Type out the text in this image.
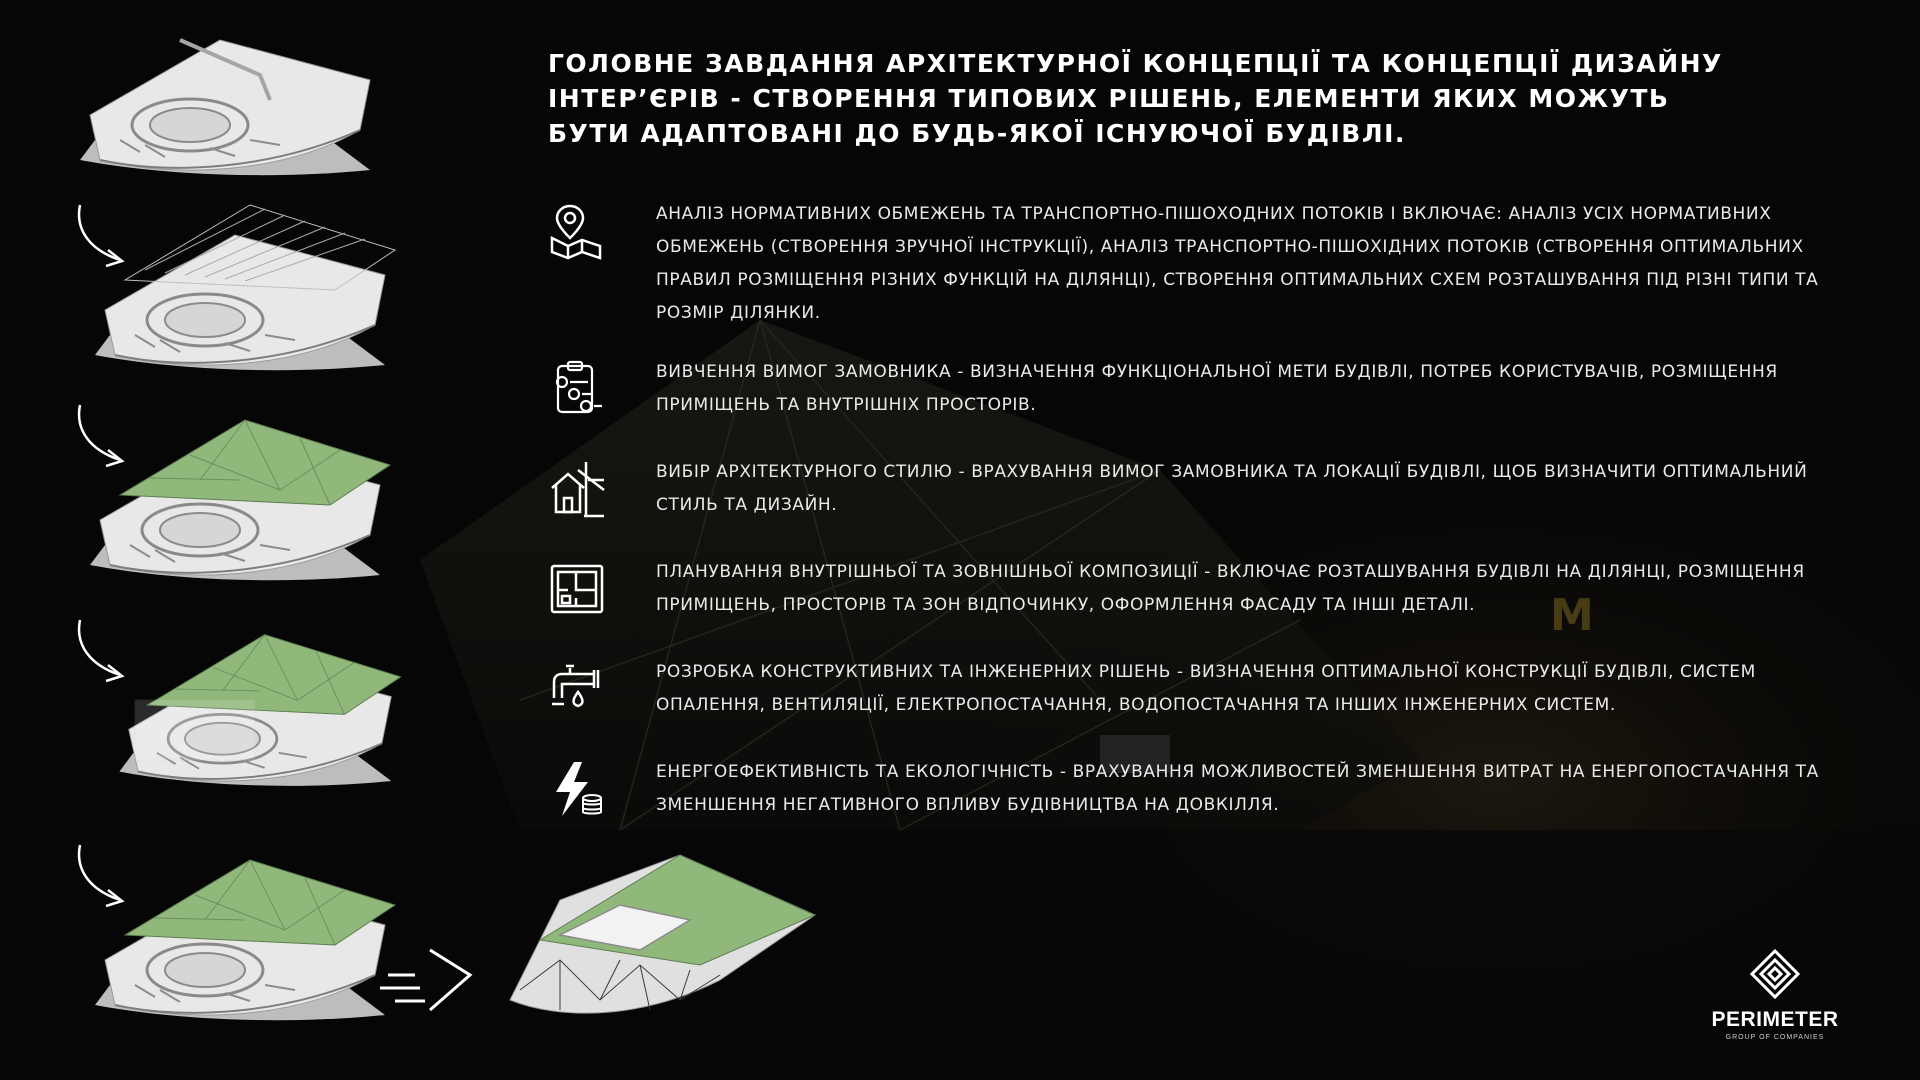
M
ГОЛОВНЕ ЗАВДАННЯ АРХІТЕКТУРНОЇ КОНЦЕПЦІЇ ТА КОНЦЕПЦІЇ ДИЗАЙНУ
ІНТЕР’ЄРІВ - СТВОРЕННЯ ТИПОВИХ РІШЕНЬ, ЕЛЕМЕНТИ ЯКИХ МОЖУТЬ
БУТИ АДАПТОВАНІ ДО БУДЬ-ЯКОЇ ІСНУЮЧОЇ БУДІВЛІ.

АНАЛІЗ НОРМАТИВНИХ ОБМЕЖЕНЬ ТА ТРАНСПОРТНО-ПІШОХОДНИХ ПОТОКІВ І ВКЛЮЧАЄ: АНАЛІЗ УСІХ НОРМАТИВНИХ ОБМЕЖЕНЬ (СТВОРЕННЯ ЗРУЧНОЇ ІНСТРУКЦІЇ), АНАЛІЗ ТРАНСПОРТНО-ПІШОХІДНИХ ПОТОКІВ (СТВОРЕННЯ ОПТИМАЛЬНИХ ПРАВИЛ РОЗМІЩЕННЯ РІЗНИХ ФУНКЦІЙ НА ДІЛЯНЦІ), СТВОРЕННЯ ОПТИМАЛЬНИХ СХЕМ РОЗТАШУВАННЯ ПІД РІЗНІ ТИПИ ТА РОЗМІР ДІЛЯНКИ.

ВИВЧЕННЯ ВИМОГ ЗАМОВНИКА - ВИЗНАЧЕННЯ ФУНКЦІОНАЛЬНОЇ МЕТИ БУДІВЛІ, ПОТРЕБ КОРИСТУВАЧІВ, РОЗМІЩЕННЯ ПРИМІЩЕНЬ ТА ВНУТРІШНІХ ПРОСТОРІВ.

ВИБІР АРХІТЕКТУРНОГО СТИЛЮ - ВРАХУВАННЯ ВИМОГ ЗАМОВНИКА ТА ЛОКАЦІЇ БУДІВЛІ, ЩОБ ВИЗНАЧИТИ ОПТИМАЛЬНИЙ СТИЛЬ ТА ДИЗАЙН.

ПЛАНУВАННЯ ВНУТРІШНЬОЇ ТА ЗОВНІШНЬОЇ КОМПОЗИЦІЇ - ВКЛЮЧАЄ РОЗТАШУВАННЯ БУДІВЛІ НА ДІЛЯНЦІ, РОЗМІЩЕННЯ ПРИМІЩЕНЬ, ПРОСТОРІВ ТА ЗОН ВІДПОЧИНКУ, ОФОРМЛЕННЯ ФАСАДУ ТА ІНШІ ДЕТАЛІ.

РОЗРОБКА КОНСТРУКТИВНИХ ТА ІНЖЕНЕРНИХ РІШЕНЬ - ВИЗНАЧЕННЯ ОПТИМАЛЬНОЇ КОНСТРУКЦІЇ БУДІВЛІ, СИСТЕМ ОПАЛЕННЯ, ВЕНТИЛЯЦІЇ, ЕЛЕКТРОПОСТАЧАННЯ, ВОДОПОСТАЧАННЯ ТА ІНШИХ ІНЖЕНЕРНИХ СИСТЕМ.

ЕНЕРГОЕФЕКТИВНІСТЬ ТА ЕКОЛОГІЧНІСТЬ - ВРАХУВАННЯ МОЖЛИВОСТЕЙ ЗМЕНШЕННЯ ВИТРАТ НА ЕНЕРГОПОСТАЧАННЯ ТА ЗМЕНШЕННЯ НЕГАТИВНОГО ВПЛИВУ БУДІВНИЦТВА НА ДОВКІЛЛЯ.

PERIMETER
GROUP OF COMPANIES
